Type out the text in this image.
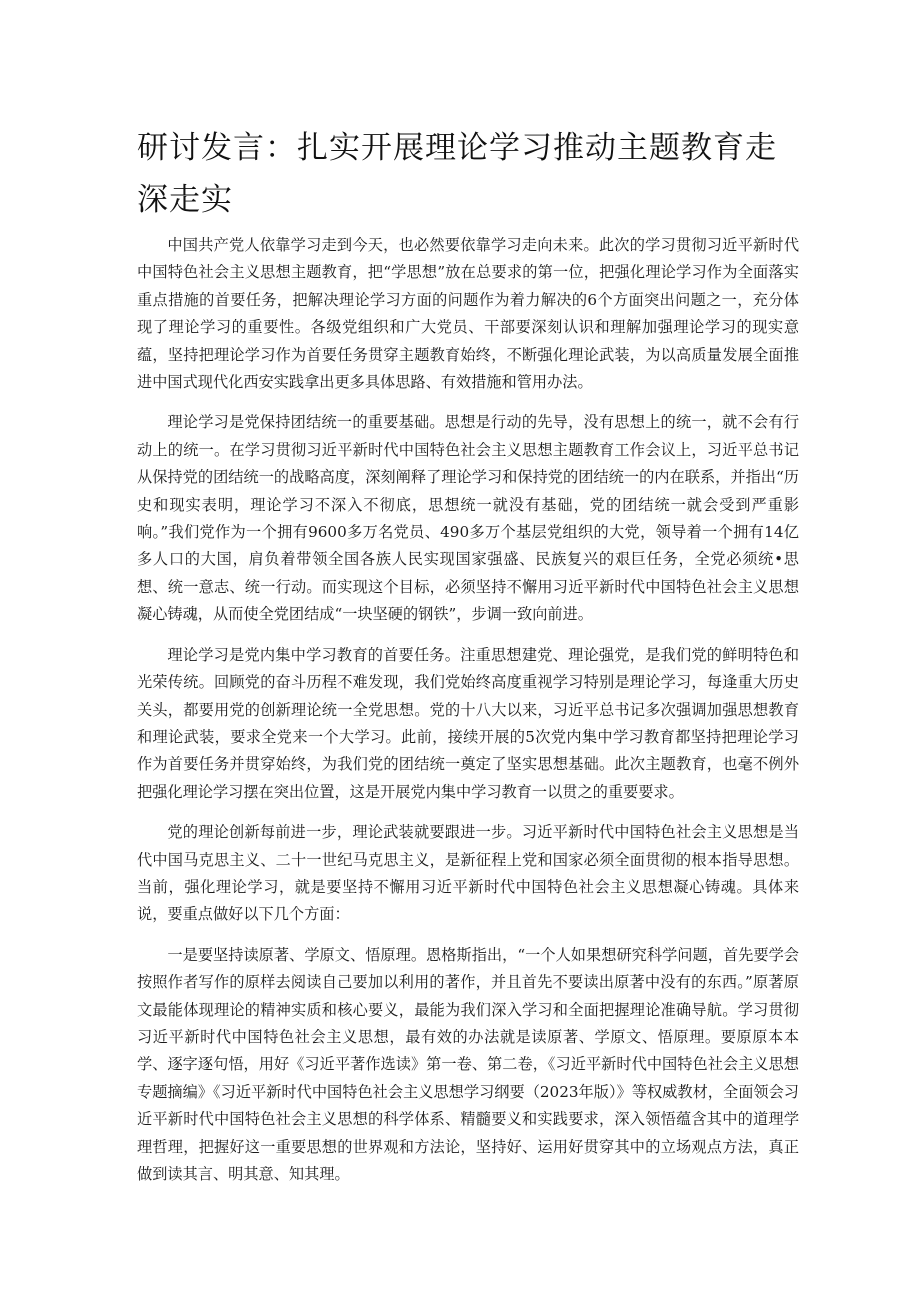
研讨发言：扎实开展理论学习推动主题教育走深走实

中国共产党人依靠学习走到今天，也必然要依靠学习走向未来。此次的学习贯彻习近平新时代中国特色社会主义思想主题教育，把“学思想”放在总要求的第一位，把强化理论学习作为全面落实重点措施的首要任务，把解决理论学习方面的问题作为着力解决的6个方面突出问题之一，充分体现了理论学习的重要性。各级党组织和广大党员、干部要深刻认识和理解加强理论学习的现实意蕴，坚持把理论学习作为首要任务贯穿主题教育始终，不断强化理论武装，为以高质量发展全面推进中国式现代化西安实践拿出更多具体思路、有效措施和管用办法。

理论学习是党保持团结统一的重要基础。思想是行动的先导，没有思想上的统一，就不会有行动上的统一。在学习贯彻习近平新时代中国特色社会主义思想主题教育工作会议上，习近平总书记从保持党的团结统一的战略高度，深刻阐释了理论学习和保持党的团结统一的内在联系，并指出“历史和现实表明，理论学习不深入不彻底，思想统一就没有基础，党的团结统一就会受到严重影响。”我们党作为一个拥有9600多万名党员、490多万个基层党组织的大党，领导着一个拥有14亿多人口的大国，肩负着带领全国各族人民实现国家强盛、民族复兴的艰巨任务，全党必须统•思想、统一意志、统一行动。而实现这个目标，必须坚持不懈用习近平新时代中国特色社会主义思想凝心铸魂，从而使全党团结成“一块坚硬的钢铁”，步调一致向前进。

理论学习是党内集中学习教育的首要任务。注重思想建党、理论强党，是我们党的鲜明特色和光荣传统。回顾党的奋斗历程不难发现，我们党始终高度重视学习特别是理论学习，每逢重大历史关头，都要用党的创新理论统一全党思想。党的十八大以来，习近平总书记多次强调加强思想教育和理论武装，要求全党来一个大学习。此前，接续开展的5次党内集中学习教育都坚持把理论学习作为首要任务并贯穿始终，为我们党的团结统一奠定了坚实思想基础。此次主题教育，也毫不例外把强化理论学习摆在突出位置，这是开展党内集中学习教育一以贯之的重要要求。

党的理论创新每前进一步，理论武装就要跟进一步。习近平新时代中国特色社会主义思想是当代中国马克思主义、二十一世纪马克思主义，是新征程上党和国家必须全面贯彻的根本指导思想。当前，强化理论学习，就是要坚持不懈用习近平新时代中国特色社会主义思想凝心铸魂。具体来说，要重点做好以下几个方面：

一是要坚持读原著、学原文、悟原理。恩格斯指出，“一个人如果想研究科学问题，首先要学会按照作者写作的原样去阅读自己要加以利用的著作，并且首先不要读出原著中没有的东西。”原著原文最能体现理论的精神实质和核心要义，最能为我们深入学习和全面把握理论准确导航。学习贯彻习近平新时代中国特色社会主义思想，最有效的办法就是读原著、学原文、悟原理。要原原本本学、逐字逐句悟，用好《习近平著作选读》第一卷、第二卷，《习近平新时代中国特色社会主义思想专题摘编》《习近平新时代中国特色社会主义思想学习纲要（2023年版）》等权威教材，全面领会习近平新时代中国特色社会主义思想的科学体系、精髓要义和实践要求，深入领悟蕴含其中的道理学理哲理，把握好这一重要思想的世界观和方法论，坚持好、运用好贯穿其中的立场观点方法，真正做到读其言、明其意、知其理。
